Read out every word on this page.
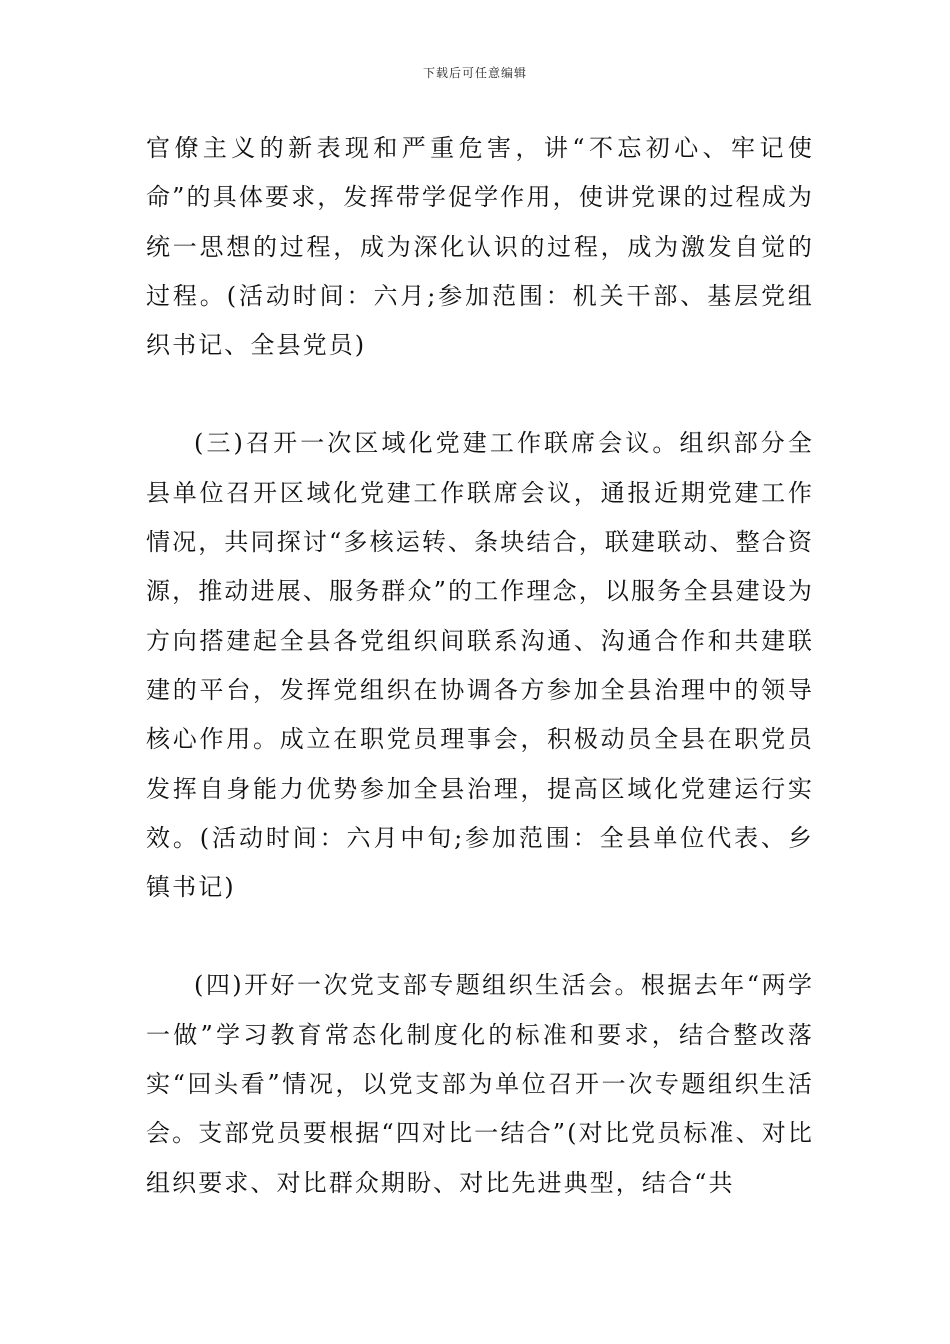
下载后可任意编辑

官僚主义的新表现和严重危害，讲“不忘初心、牢记使命”的具体要求，发挥带学促学作用，使讲党课的过程成为统一思想的过程，成为深化认识的过程，成为激发自觉的过程。(活动时间：六月;参加范围：机关干部、基层党组织书记、全县党员)

(三)召开一次区域化党建工作联席会议。组织部分全县单位召开区域化党建工作联席会议，通报近期党建工作情况，共同探讨“多核运转、条块结合，联建联动、整合资源，推动进展、服务群众”的工作理念，以服务全县建设为方向搭建起全县各党组织间联系沟通、沟通合作和共建联建的平台，发挥党组织在协调各方参加全县治理中的领导核心作用。成立在职党员理事会，积极动员全县在职党员发挥自身能力优势参加全县治理，提高区域化党建运行实效。(活动时间：六月中旬;参加范围：全县单位代表、乡镇书记)

(四)开好一次党支部专题组织生活会。根据去年“两学一做”学习教育常态化制度化的标准和要求，结合整改落实“回头看”情况，以党支部为单位召开一次专题组织生活会。支部党员要根据“四对比一结合”(对比党员标准、对比组织要求、对比群众期盼、对比先进典型，结合“共
